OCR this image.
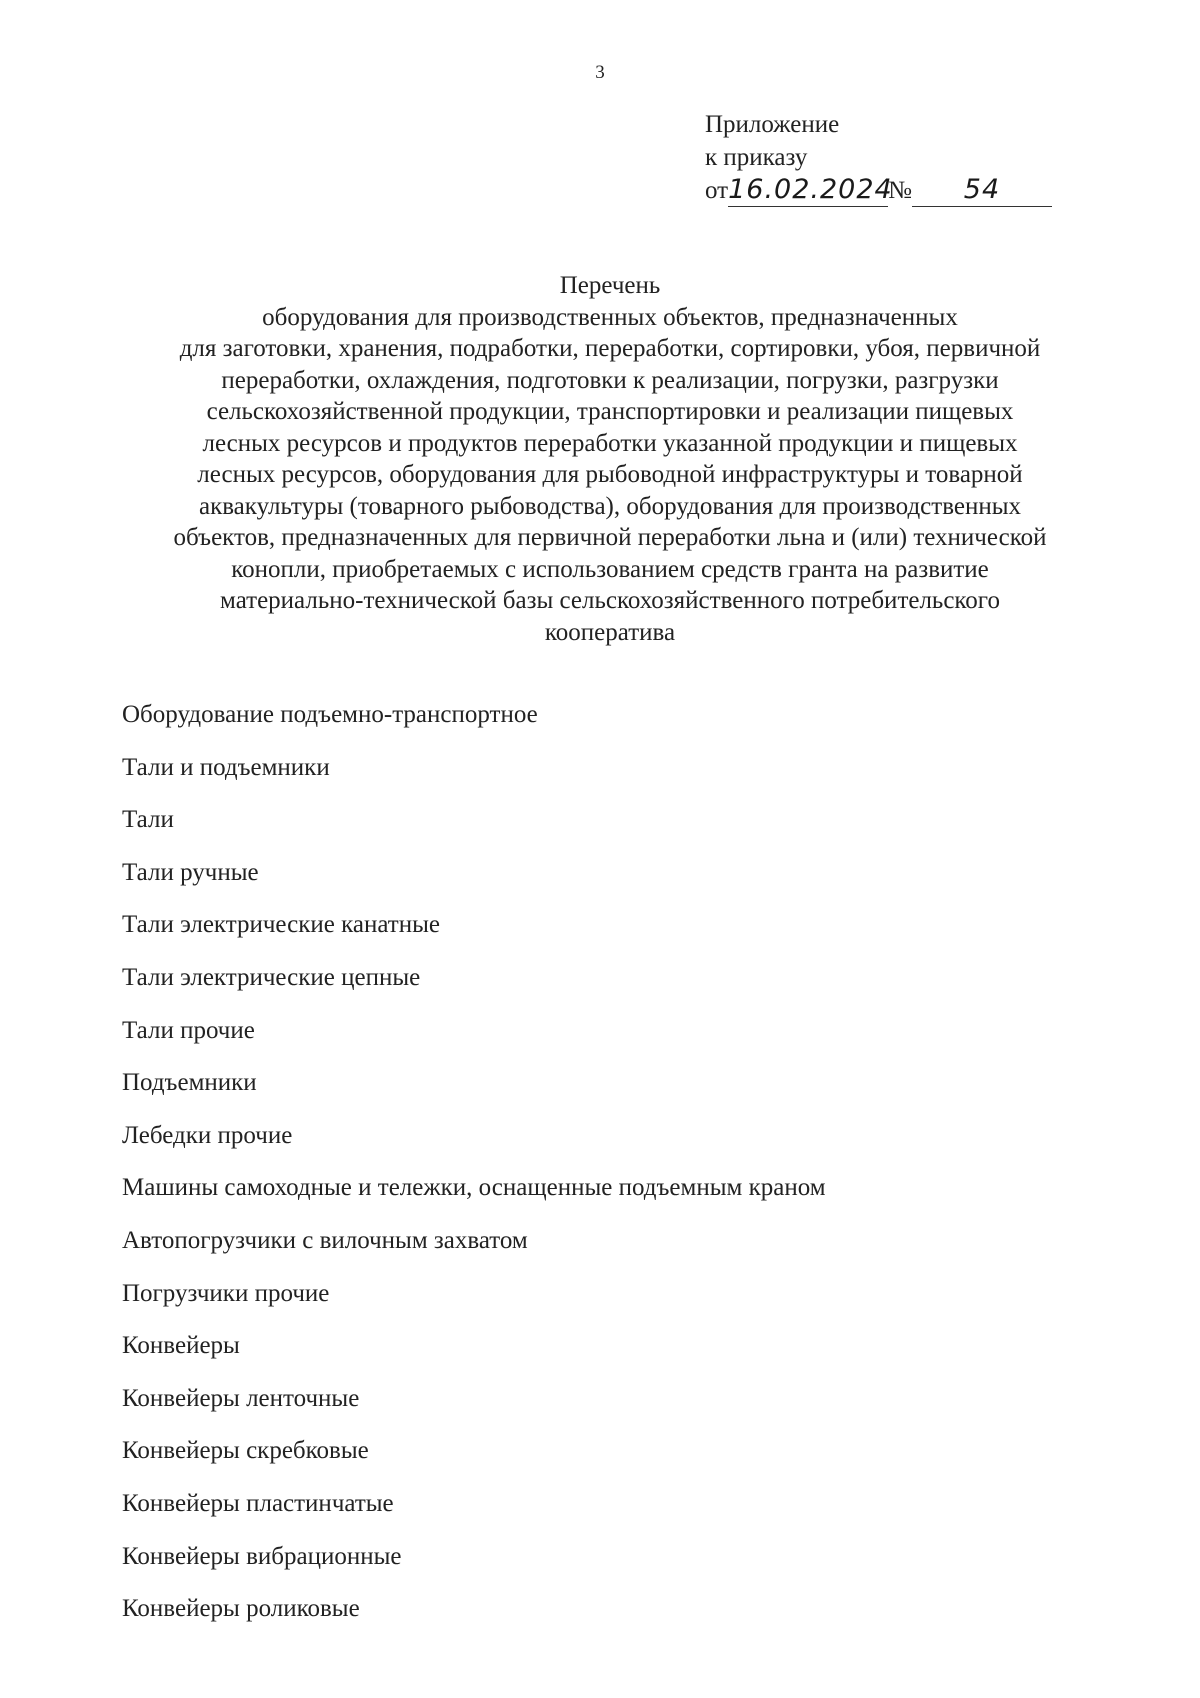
3
Приложение
к приказу
от16.02.2024№ 54
Перечень
оборудования для производственных объектов, предназначенных
для заготовки, хранения, подработки, переработки, сортировки, убоя, первичной
переработки, охлаждения, подготовки к реализации, погрузки, разгрузки
сельскохозяйственной продукции, транспортировки и реализации пищевых
лесных ресурсов и продуктов переработки указанной продукции и пищевых
лесных ресурсов, оборудования для рыбоводной инфраструктуры и товарной
аквакультуры (товарного рыбоводства), оборудования для производственных
объектов, предназначенных для первичной переработки льна и (или) технической
конопли, приобретаемых с использованием средств гранта на развитие
материально-технической базы сельскохозяйственного потребительского
кооператива
Оборудование подъемно-транспортное
Тали и подъемники
Тали
Тали ручные
Тали электрические канатные
Тали электрические цепные
Тали прочие
Подъемники
Лебедки прочие
Машины самоходные и тележки, оснащенные подъемным краном
Автопогрузчики с вилочным захватом
Погрузчики прочие
Конвейеры
Конвейеры ленточные
Конвейеры скребковые
Конвейеры пластинчатые
Конвейеры вибрационные
Конвейеры роликовые
